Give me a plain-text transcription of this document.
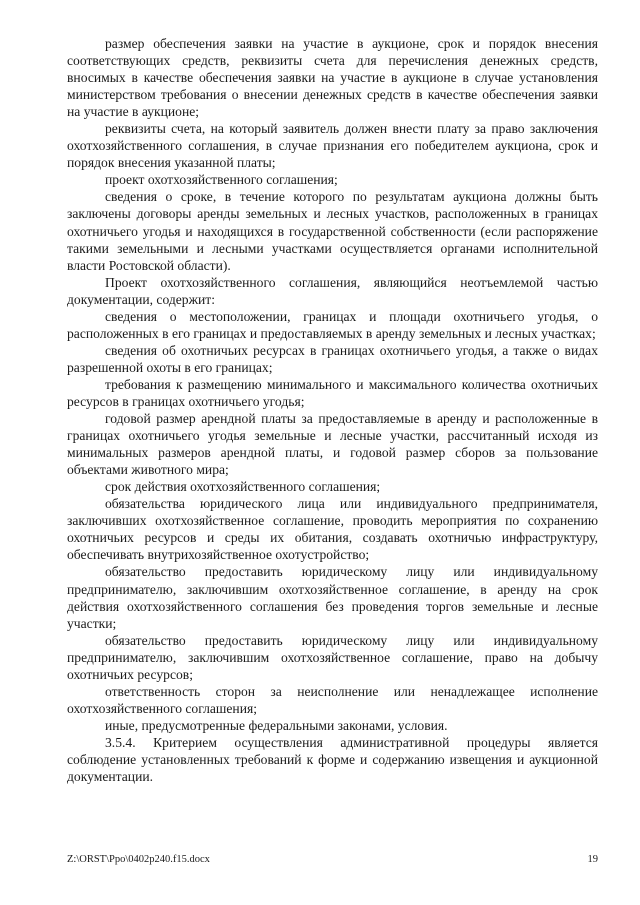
размер обеспечения заявки на участие в аукционе, срок и порядок внесения соответствующих средств, реквизиты счета для перечисления денежных средств, вносимых в качестве обеспечения заявки на участие в аукционе в случае установления министерством требования о внесении денежных средств в качестве обеспечения заявки на участие в аукционе;

реквизиты счета, на который заявитель должен внести плату за право заключения охотхозяйственного соглашения, в случае признания его победителем аукциона, срок и порядок внесения указанной платы;

проект охотхозяйственного соглашения;

сведения о сроке, в течение которого по результатам аукциона должны быть заключены договоры аренды земельных и лесных участков, расположенных в границах охотничьего угодья и находящихся в государственной собственности (если распоряжение такими земельными и лесными участками осуществляется органами исполнительной власти Ростовской области).

Проект охотхозяйственного соглашения, являющийся неотъемлемой частью документации, содержит:

сведения о местоположении, границах и площади охотничьего угодья, о расположенных в его границах и предоставляемых в аренду земельных и лесных участках;

сведения об охотничьих ресурсах в границах охотничьего угодья, а также о видах разрешенной охоты в его границах;

требования к размещению минимального и максимального количества охотничьих ресурсов в границах охотничьего угодья;

годовой размер арендной платы за предоставляемые в аренду и расположенные в границах охотничьего угодья земельные и лесные участки, рассчитанный исходя из минимальных размеров арендной платы, и годовой размер сборов за пользование объектами животного мира;

срок действия охотхозяйственного соглашения;

обязательства юридического лица или индивидуального предпринимателя, заключивших охотхозяйственное соглашение, проводить мероприятия по сохранению охотничьих ресурсов и среды их обитания, создавать охотничью инфраструктуру, обеспечивать внутрихозяйственное охотустройство;

обязательство предоставить юридическому лицу или индивидуальному предпринимателю, заключившим охотхозяйственное соглашение, в аренду на срок действия охотхозяйственного соглашения без проведения торгов земельные и лесные участки;

обязательство предоставить юридическому лицу или индивидуальному предпринимателю, заключившим охотхозяйственное соглашение, право на добычу охотничьих ресурсов;

ответственность сторон за неисполнение или ненадлежащее исполнение охотхозяйственного соглашения;

иные, предусмотренные федеральными законами, условия.

3.5.4. Критерием осуществления административной процедуры является соблюдение установленных требований к форме и содержанию извещения и аукционной документации.

Z:\ORST\Ppo\0402p240.f15.docx	19
